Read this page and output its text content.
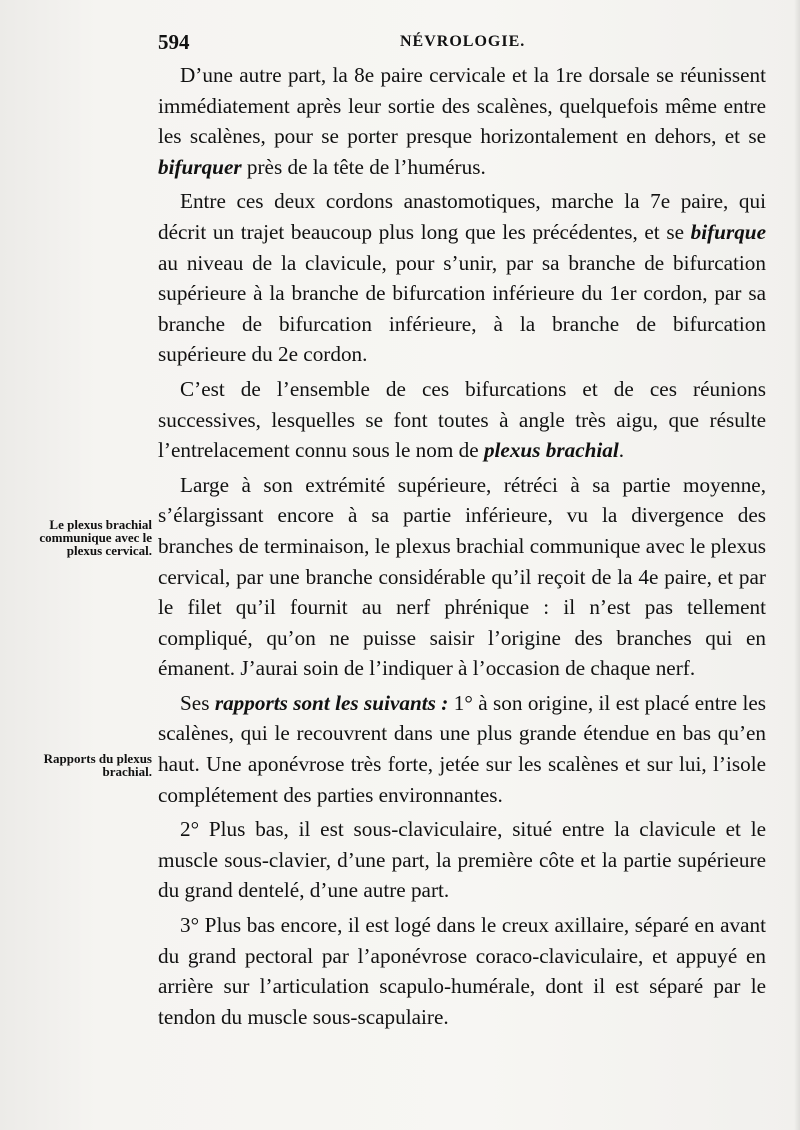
594	NÉVROLOGIE.
Le plexus brachial communique avec le plexus cervical.
Rapports du plexus brachial.

D’une autre part, la 8e paire cervicale et la 1re dorsale se réunissent immédiatement après leur sortie des scalènes, quelquefois même entre les scalènes, pour se porter presque horizontalement en dehors, et se bifurquer près de la tête de l’humérus.

Entre ces deux cordons anastomotiques, marche la 7e paire, qui décrit un trajet beaucoup plus long que les précédentes, et se bifurque au niveau de la clavicule, pour s’unir, par sa branche de bifurcation supérieure à la branche de bifurcation inférieure du 1er cordon, par sa branche de bifurcation inférieure, à la branche de bifurcation supérieure du 2e cordon.

C’est de l’ensemble de ces bifurcations et de ces réunions successives, lesquelles se font toutes à angle très aigu, que résulte l’entrelacement connu sous le nom de plexus brachial.

Large à son extrémité supérieure, rétréci à sa partie moyenne, s’élargissant encore à sa partie inférieure, vu la divergence des branches de terminaison, le plexus brachial communique avec le plexus cervical, par une branche considérable qu’il reçoit de la 4e paire, et par le filet qu’il fournit au nerf phrénique : il n’est pas tellement compliqué, qu’on ne puisse saisir l’origine des branches qui en émanent. J’aurai soin de l’indiquer à l’occasion de chaque nerf.

Ses rapports sont les suivants : 1° à son origine, il est placé entre les scalènes, qui le recouvrent dans une plus grande étendue en bas qu’en haut. Une aponévrose très forte, jetée sur les scalènes et sur lui, l’isole complétement des parties environnantes.

2° Plus bas, il est sous-claviculaire, situé entre la clavicule et le muscle sous-clavier, d’une part, la première côte et la partie supérieure du grand dentelé, d’une autre part.

3° Plus bas encore, il est logé dans le creux axillaire, séparé en avant du grand pectoral par l’aponévrose coraco-claviculaire, et appuyé en arrière sur l’articulation scapulo-humérale, dont il est séparé par le tendon du muscle sous-scapulaire.
